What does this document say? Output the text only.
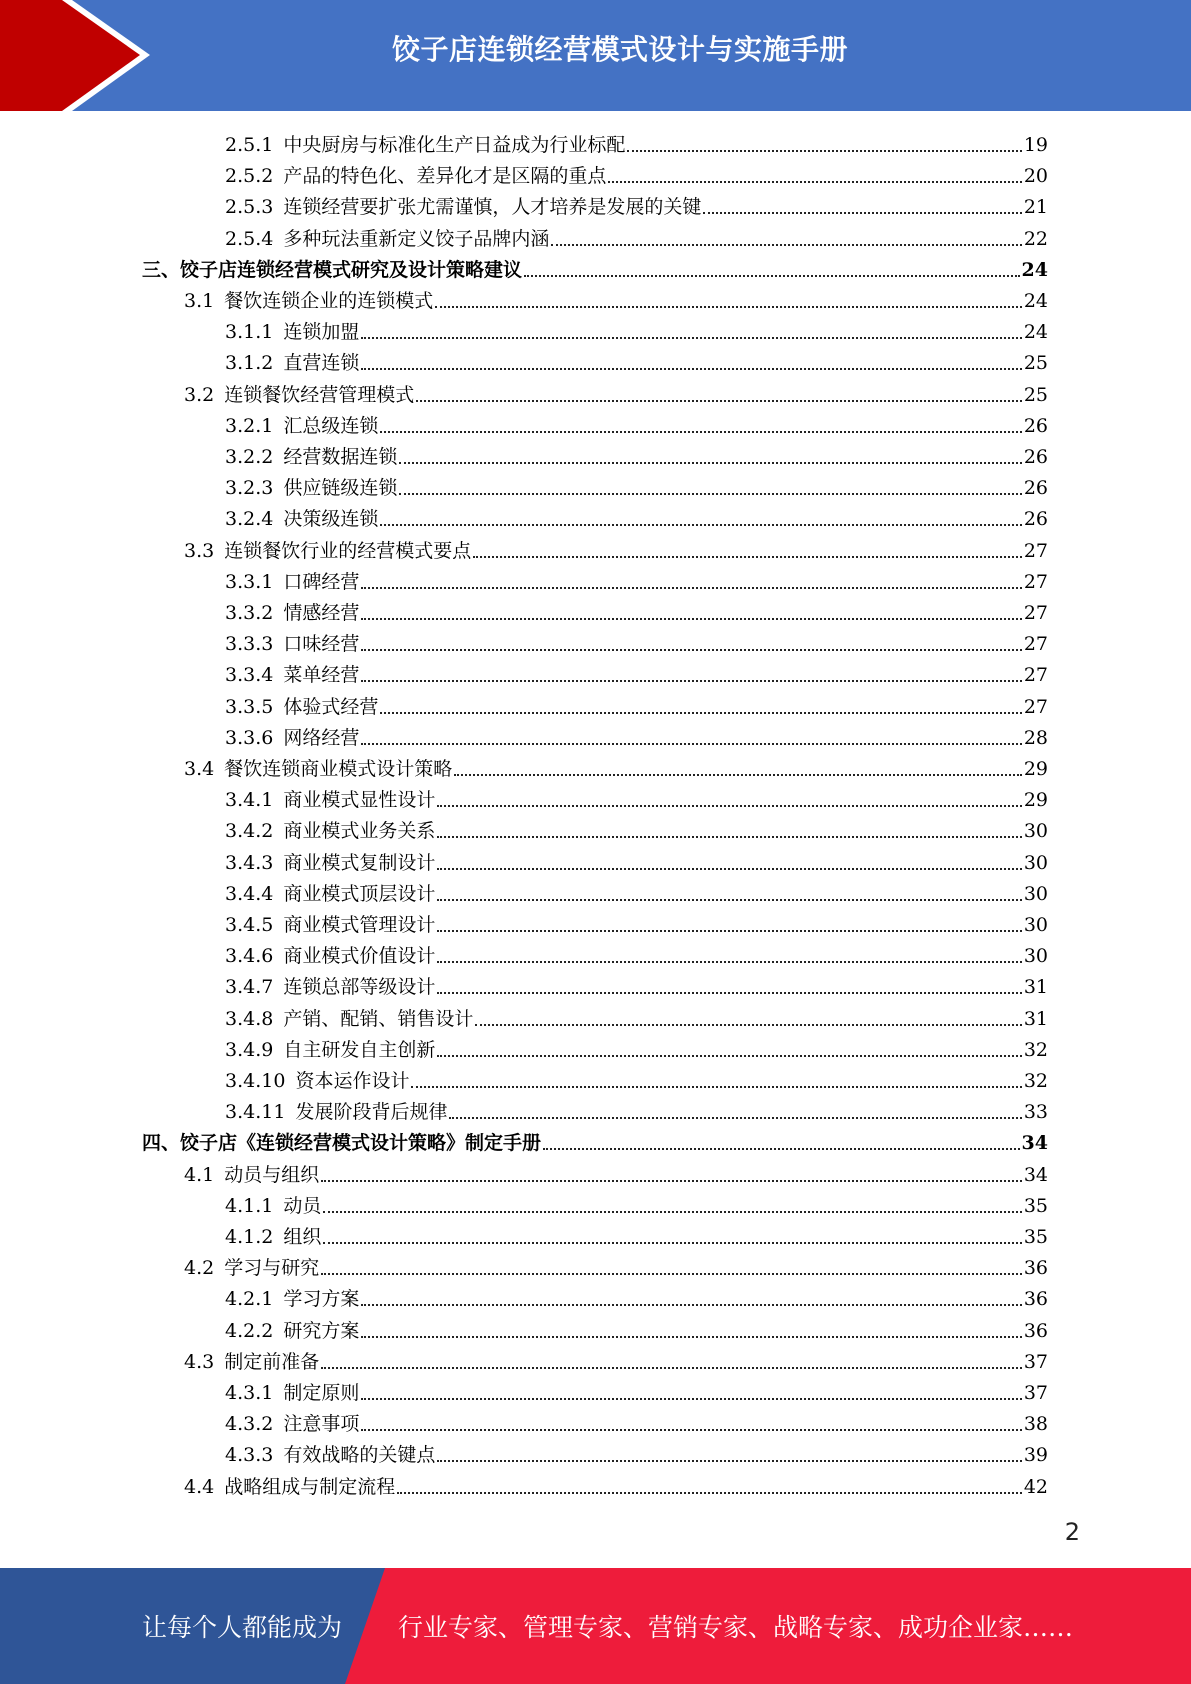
饺子店连锁经营模式设计与实施手册
2.5.1 中央厨房与标准化生产日益成为行业标配	19
2.5.2 产品的特色化、差异化才是区隔的重点	20
2.5.3 连锁经营要扩张尤需谨慎，人才培养是发展的关键	21
2.5.4 多种玩法重新定义饺子品牌内涵	22
三、饺子店连锁经营模式研究及设计策略建议	24
3.1 餐饮连锁企业的连锁模式	24
3.1.1 连锁加盟	24
3.1.2 直营连锁	25
3.2 连锁餐饮经营管理模式	25
3.2.1 汇总级连锁	26
3.2.2 经营数据连锁	26
3.2.3 供应链级连锁	26
3.2.4 决策级连锁	26
3.3 连锁餐饮行业的经营模式要点	27
3.3.1 口碑经营	27
3.3.2 情感经营	27
3.3.3 口味经营	27
3.3.4 菜单经营	27
3.3.5 体验式经营	27
3.3.6 网络经营	28
3.4 餐饮连锁商业模式设计策略	29
3.4.1 商业模式显性设计	29
3.4.2 商业模式业务关系	30
3.4.3 商业模式复制设计	30
3.4.4 商业模式顶层设计	30
3.4.5 商业模式管理设计	30
3.4.6 商业模式价值设计	30
3.4.7 连锁总部等级设计	31
3.4.8 产销、配销、销售设计	31
3.4.9 自主研发自主创新	32
3.4.10 资本运作设计	32
3.4.11 发展阶段背后规律	33
四、饺子店《连锁经营模式设计策略》制定手册	34
4.1 动员与组织	34
4.1.1 动员	35
4.1.2 组织	35
4.2 学习与研究	36
4.2.1 学习方案	36
4.2.2 研究方案	36
4.3 制定前准备	37
4.3.1 制定原则	37
4.3.2 注意事项	38
4.3.3 有效战略的关键点	39
4.4 战略组成与制定流程	42
2
让每个人都能成为 行业专家、管理专家、营销专家、战略专家、成功企业家……
